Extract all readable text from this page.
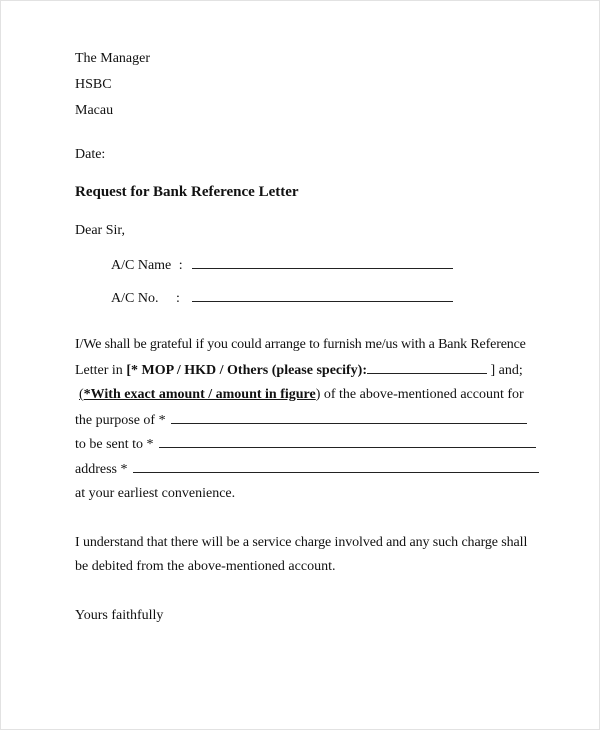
The Manager
HSBC
Macau
Date:
Request for Bank Reference Letter
Dear Sir,
A/C Name :
A/C No. :
I/We shall be grateful if you could arrange to furnish me/us with a Bank Reference
Letter in [* MOP / HKD / Others (please specify):	] and;
(*With exact amount / amount in figure) of the above-mentioned account for
the purpose of *
to be sent to *
address *
at your earliest convenience.
I understand that there will be a service charge involved and any such charge shall
be debited from the above-mentioned account.
Yours faithfully
